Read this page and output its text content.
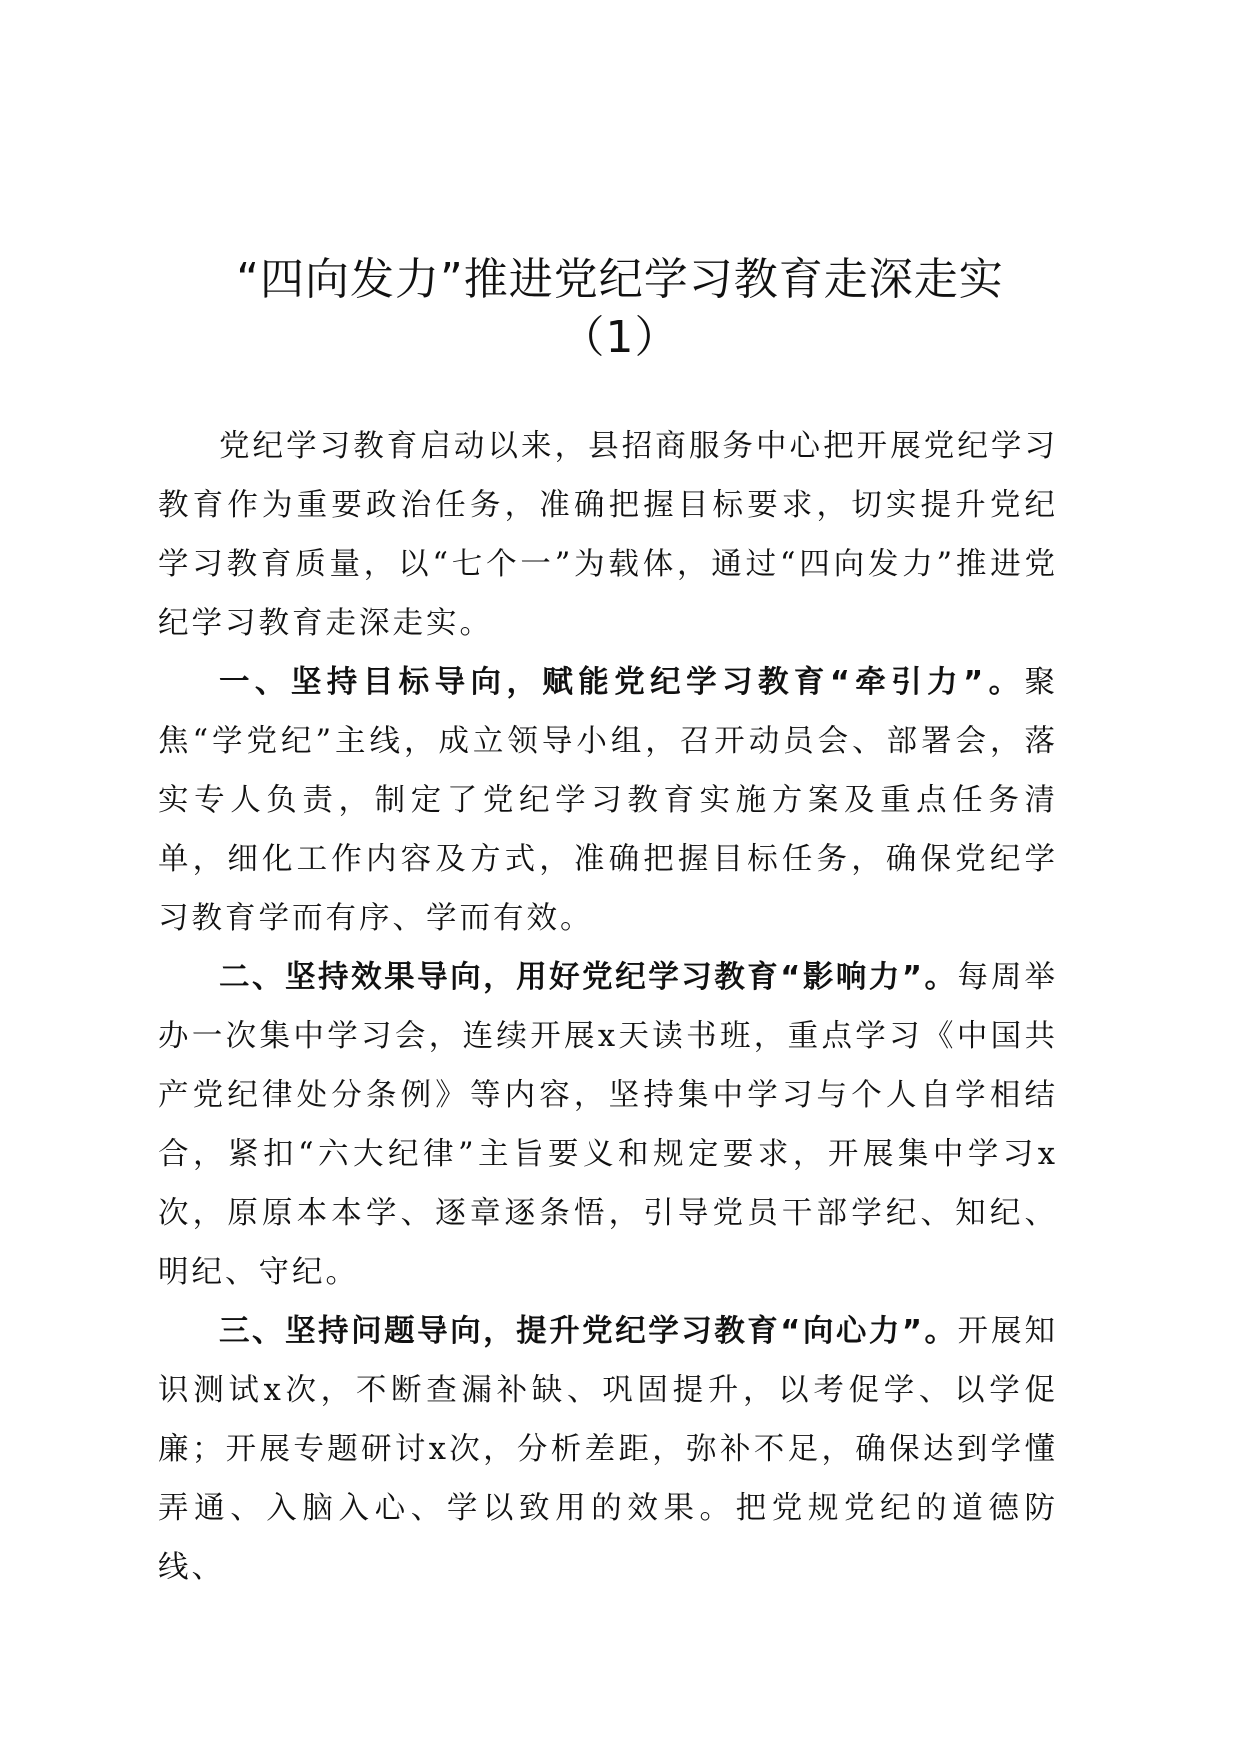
“四向发力”推进党纪学习教育走深走实
（1）

党纪学习教育启动以来，县招商服务中心把开展党纪学习教育作为重要政治任务，准确把握目标要求，切实提升党纪学习教育质量，以“七个一”为载体，通过“四向发力”推进党纪学习教育走深走实。

一、坚持目标导向，赋能党纪学习教育“牵引力”。聚焦“学党纪”主线，成立领导小组，召开动员会、部署会，落实专人负责，制定了党纪学习教育实施方案及重点任务清单，细化工作内容及方式，准确把握目标任务，确保党纪学习教育学而有序、学而有效。

二、坚持效果导向，用好党纪学习教育“影响力”。每周举办一次集中学习会，连续开展x天读书班，重点学习《中国共产党纪律处分条例》等内容，坚持集中学习与个人自学相结合，紧扣“六大纪律”主旨要义和规定要求，开展集中学习x次，原原本本学、逐章逐条悟，引导党员干部学纪、知纪、明纪、守纪。

三、坚持问题导向，提升党纪学习教育“向心力”。开展知识测试x次，不断查漏补缺、巩固提升，以考促学、以学促廉；开展专题研讨x次，分析差距，弥补不足，确保达到学懂弄通、入脑入心、学以致用的效果。把党规党纪的道德防线、
